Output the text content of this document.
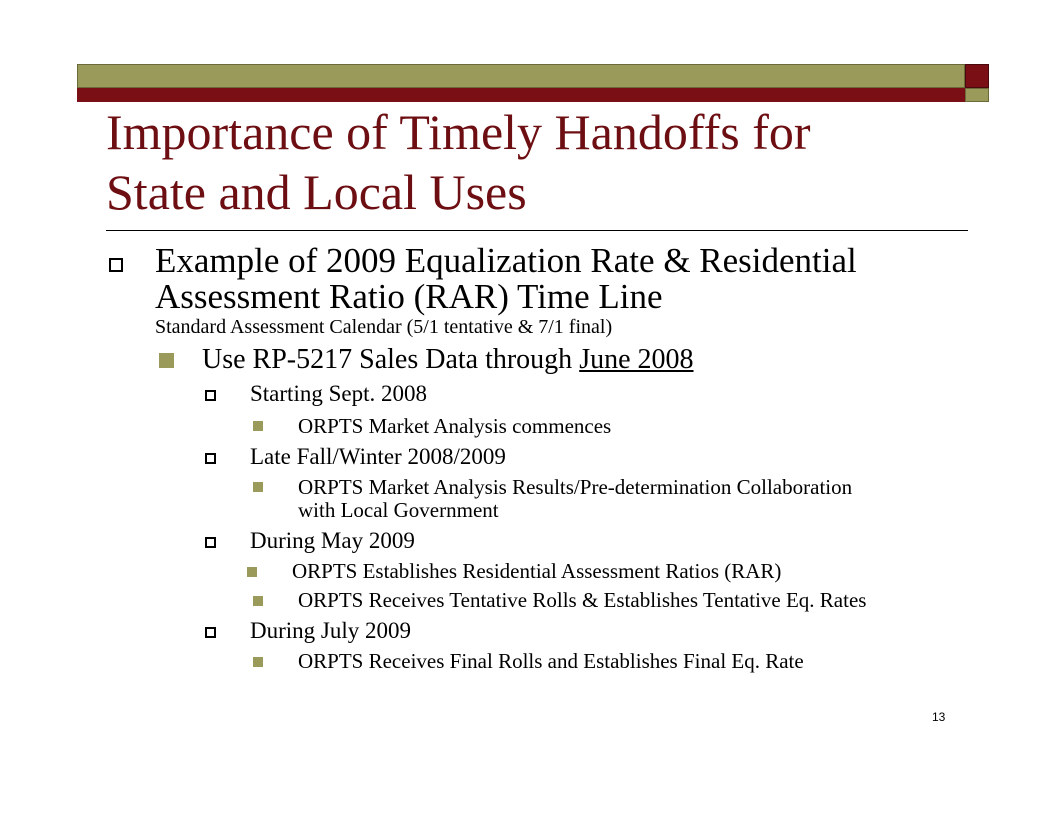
Importance of Timely Handoffs for
State and Local Uses
Example of 2009 Equalization Rate & Residential
Assessment Ratio (RAR) Time Line
Standard Assessment Calendar (5/1 tentative & 7/1 final)
Use RP-5217 Sales Data through June 2008
Starting Sept. 2008
ORPTS Market Analysis commences
Late Fall/Winter 2008/2009
ORPTS Market Analysis Results/Pre-determination Collaboration
with Local Government
During May 2009
ORPTS Establishes Residential Assessment Ratios (RAR)
ORPTS Receives Tentative Rolls & Establishes Tentative Eq. Rates
During July 2009
ORPTS Receives Final Rolls and Establishes Final Eq. Rate
13
